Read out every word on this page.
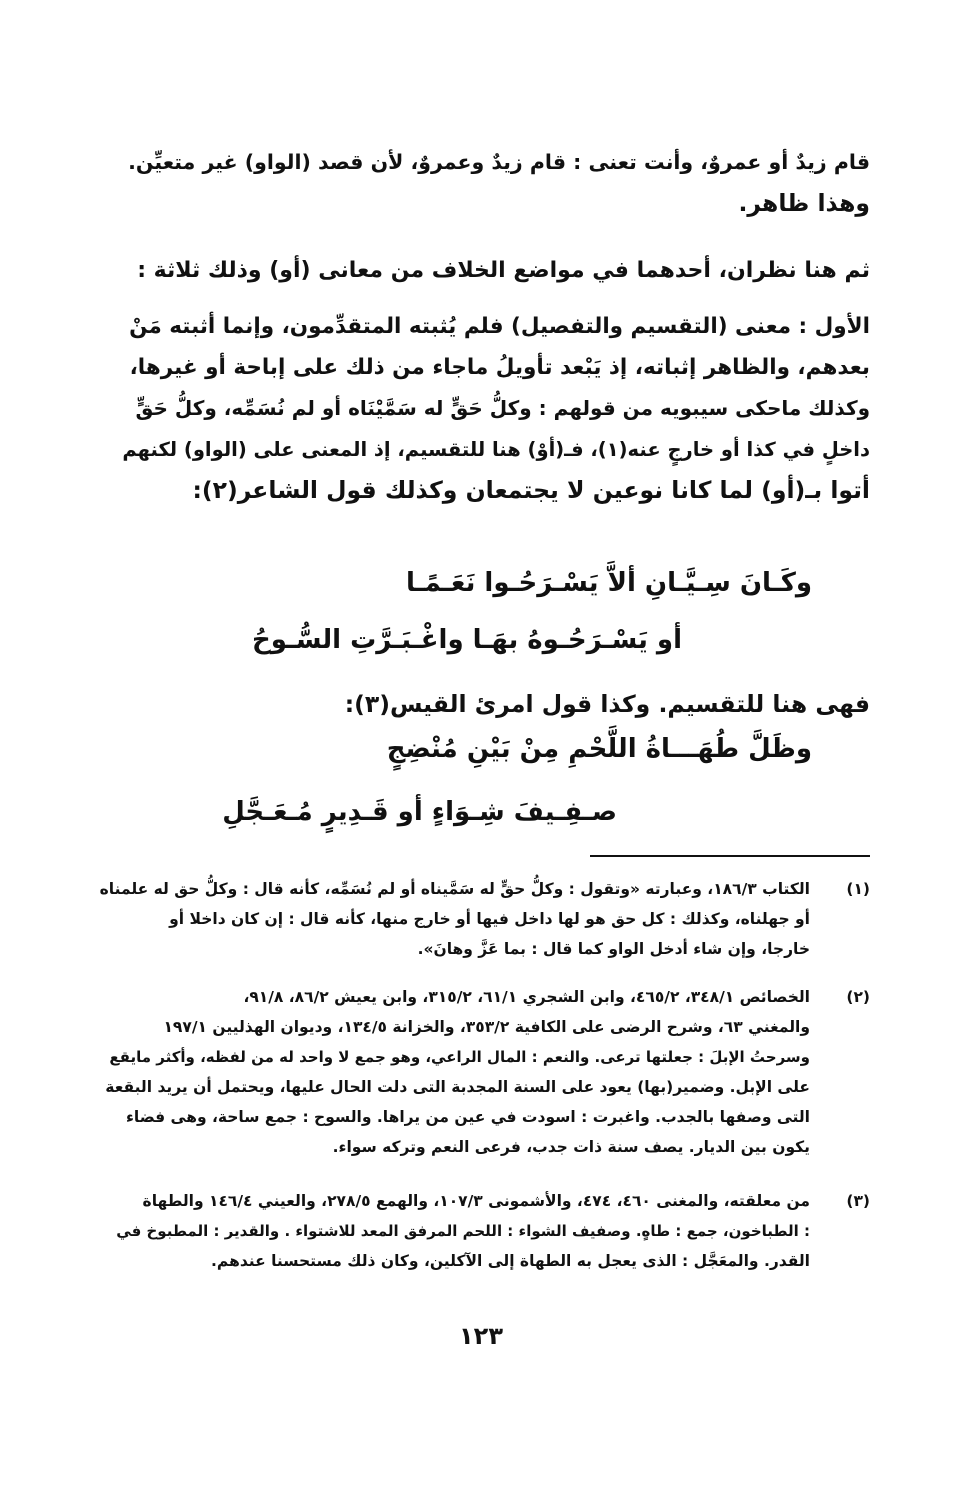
قام زيدٌ أو عمروٌ، وأنت تعنى : قام زيدٌ وعمروٌ، لأن قصد (الواو) غير متعيِّن.
وهذا ظاهر.
ثم هنا نظران، أحدهما في مواضع الخلاف من معانى (أو) وذلك ثلاثة :
الأول : معنى (التقسيم والتفصيل) فلم يُثبته المتقدِّمون، وإنما أثبته مَنْ
بعدهم، والظاهر إثباته، إذ يَبْعد تأويلُ ماجاء من ذلك على إباحة أو غيرها،
وكذلك ماحكى سيبويه من قولهم : وكلُّ حَقٍّ له سَمَّيْنَاه أو لم نُسَمِّه، وكلُّ حَقٍّ
داخلٍ في كذا أو خارجٍ عنه(١)، فـ(أوْ) هنا للتقسيم، إذ المعنى على (الواو) لكنهم
أتوا بـ(أو) لما كانا نوعين لا يجتمعان وكذلك قول الشاعر(٢):
وكَـانَ سِـيَّـانِ ألاَّ يَسْـرَحُـوا نَعَـمًـا
أو يَسْـرَحُـوهُ بهَـا واغْـبَـرَّتِ السُّـوحُ
فهى هنا للتقسيم. وكذا قول امرئ القيس(٣):
وظَلَّ طُهَـــاةُ اللَّحْمِ مِنْ بَيْنِ مُنْضِجٍ
صـفِـيفَ شِـوَاءٍ أو قَـدِيرٍ مُـعَـجَّلِ
(١)
الكتاب ١٨٦/٣، وعبارته «وتقول : وكلُّ حقٍّ له سَمَّيناه أو لم نُسَمِّه، كأنه قال : وكلُّ حق له علمناه
أو جهلناه، وكذلك : كل حق هو لها داخل فيها أو خارج منها، كأنه قال : إن كان داخلا أو
خارجا، وإن شاء أدخل الواو كما قال : بما عَزَّ وهانَ».
(٢)
الخصائص ٣٤٨/١، ٤٦٥/٢، وابن الشجري ٦١/١، ٣١٥/٢، وابن يعيش ٨٦/٢، ٩١/٨،
والمغني ٦٣، وشرح الرضى على الكافية ٣٥٣/٢، والخزانة ١٣٤/٥، وديوان الهذليين ١٩٧/١
وسرحتُ الإبلَ : جعلتها ترعى. والنعم : المال الراعي، وهو جمع لا واحد له من لفظه، وأكثر مايقع
على الإبل. وضمير(بها) يعود على السنة المجدبة التى دلت الحال عليها، ويحتمل أن يريد البقعة
التى وصفها بالجدب. واغبرت : اسودت في عين من يراها. والسوح : جمع ساحة، وهى فضاء
يكون بين الديار. يصف سنة ذات جدب، فرعى النعم وتركه سواء.
(٣)
من معلقته، والمغنى ٤٦٠، ٤٧٤، والأشمونى ١٠٧/٣، والهمع ٢٧٨/٥، والعيني ١٤٦/٤ والطهاة
: الطباخون، جمع : طاهٍ. وصفيف الشواء : اللحم المرفق المعد للاشتواء . والقدير : المطبوخ في
القدر. والمعَجَّل : الذى يعجل به الطهاة إلى الآكلين، وكان ذلك مستحسنا عندهم.
١٢٣
